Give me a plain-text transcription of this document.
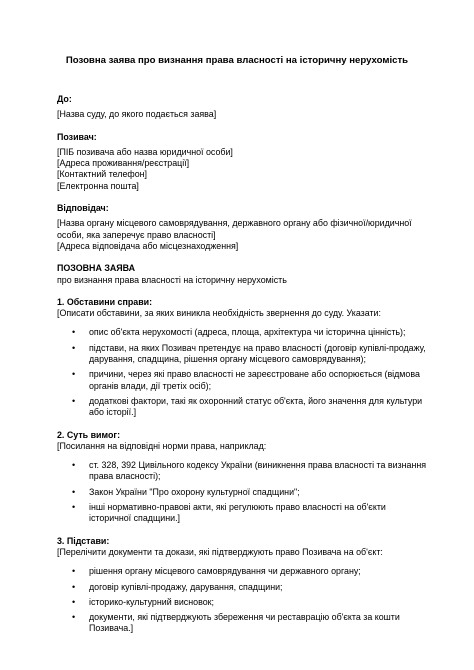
Позовна заява про визнання права власності на історичну нерухомість

До:

[Назва суду, до якого подається заява]

Позивач:

[ПІБ позивача або назва юридичної особи]

[Адреса проживання/реєстрації]

[Контактний телефон]

[Електронна пошта]

Відповідач:

[Назва органу місцевого самоврядування, державного органу або фізичної/юридичної особи, яка заперечує право власності]

[Адреса відповідача або місцезнаходження]

ПОЗОВНА ЗАЯВА

про визнання права власності на історичну нерухомість

1. Обставини справи:

[Описати обставини, за яких виникла необхідність звернення до суду. Указати:

• опис об'єкта нерухомості (адреса, площа, архітектура чи історична цінність);
• підстави, на яких Позивач претендує на право власності (договір купівлі-продажу, дарування, спадщина, рішення органу місцевого самоврядування);
• причини, через які право власності не зареєстроване або оспорюється (відмова органів влади, дії третіх осіб);
• додаткові фактори, такі як охоронний статус об'єкта, його значення для культури або історії.]

2. Суть вимог:

[Посилання на відповідні норми права, наприклад:

• ст. 328, 392 Цивільного кодексу України (виникнення права власності та визнання права власності);
• Закон України "Про охорону культурної спадщини";
• інші нормативно-правові акти, які регулюють право власності на об'єкти історичної спадщини.]

3. Підстави:

[Перелічити документи та докази, які підтверджують право Позивача на об'єкт:

• рішення органу місцевого самоврядування чи державного органу;
• договір купівлі-продажу, дарування, спадщини;
• історико-культурний висновок;
• документи, які підтверджують збереження чи реставрацію об'єкта за кошти Позивача.]
